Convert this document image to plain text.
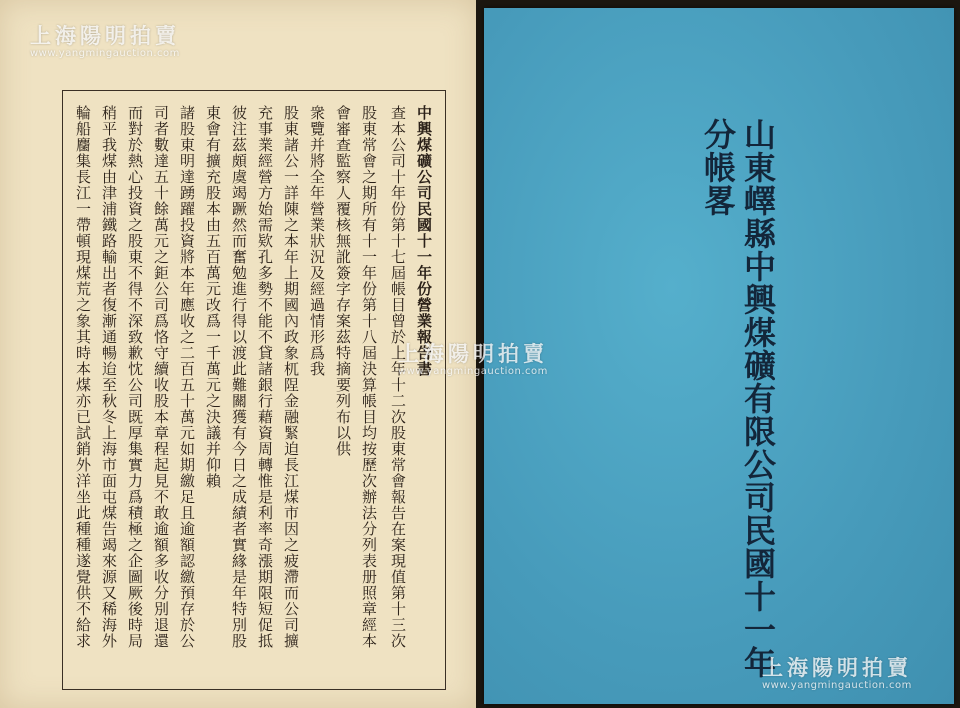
上海陽明拍賣
www.yangmingauction.com
中興煤礦公司民國十一年份營業報告書
查本公司十年份第十七屆帳目曾於上年十二次股東常會報告在案現值第十三次
股東常會之期所有十一年份第十八屆決算帳目均按歷次辦法分列表册照章經本
會審查監察人覆核無訛簽字存案茲特摘要列布以供
衆覽并將全年營業狀況及經過情形爲我
股東諸公一詳陳之本年上期國內政象杌陧金融緊迫長江煤市因之疲滯而公司擴
充事業經營方始需欵孔多勢不能不貸諸銀行藉資周轉惟是利率奇漲期限短促抵
彼注茲頗虞竭蹶然而奮勉進行得以渡此難關獲有今日之成績者實緣是年特別股
東會有擴充股本由五百萬元改爲一千萬元之決議并仰賴
諸股東明達踴躍投資將本年應收之二百五十萬元如期繳足且逾額認繳預存於公
司者數達五十餘萬元之鉅公司爲恪守續收股本章程起見不敢逾額多收分別退還
而對於熱心投資之股東不得不深致歉忱公司既厚集實力爲積極之企圖厥後時局
稍平我煤由津浦鐵路輸出者復漸通暢迨至秋冬上海市面屯煤告竭來源又稀海外
輪船麕集長江一帶頓現煤荒之象其時本煤亦已試銷外洋坐此種種遂覺供不給求	山東嶧縣中興煤礦有限公司民國十一年分帳畧
上海陽明拍賣
www.yangmingauction.com
上海陽明拍賣
www.yangmingauction.com
